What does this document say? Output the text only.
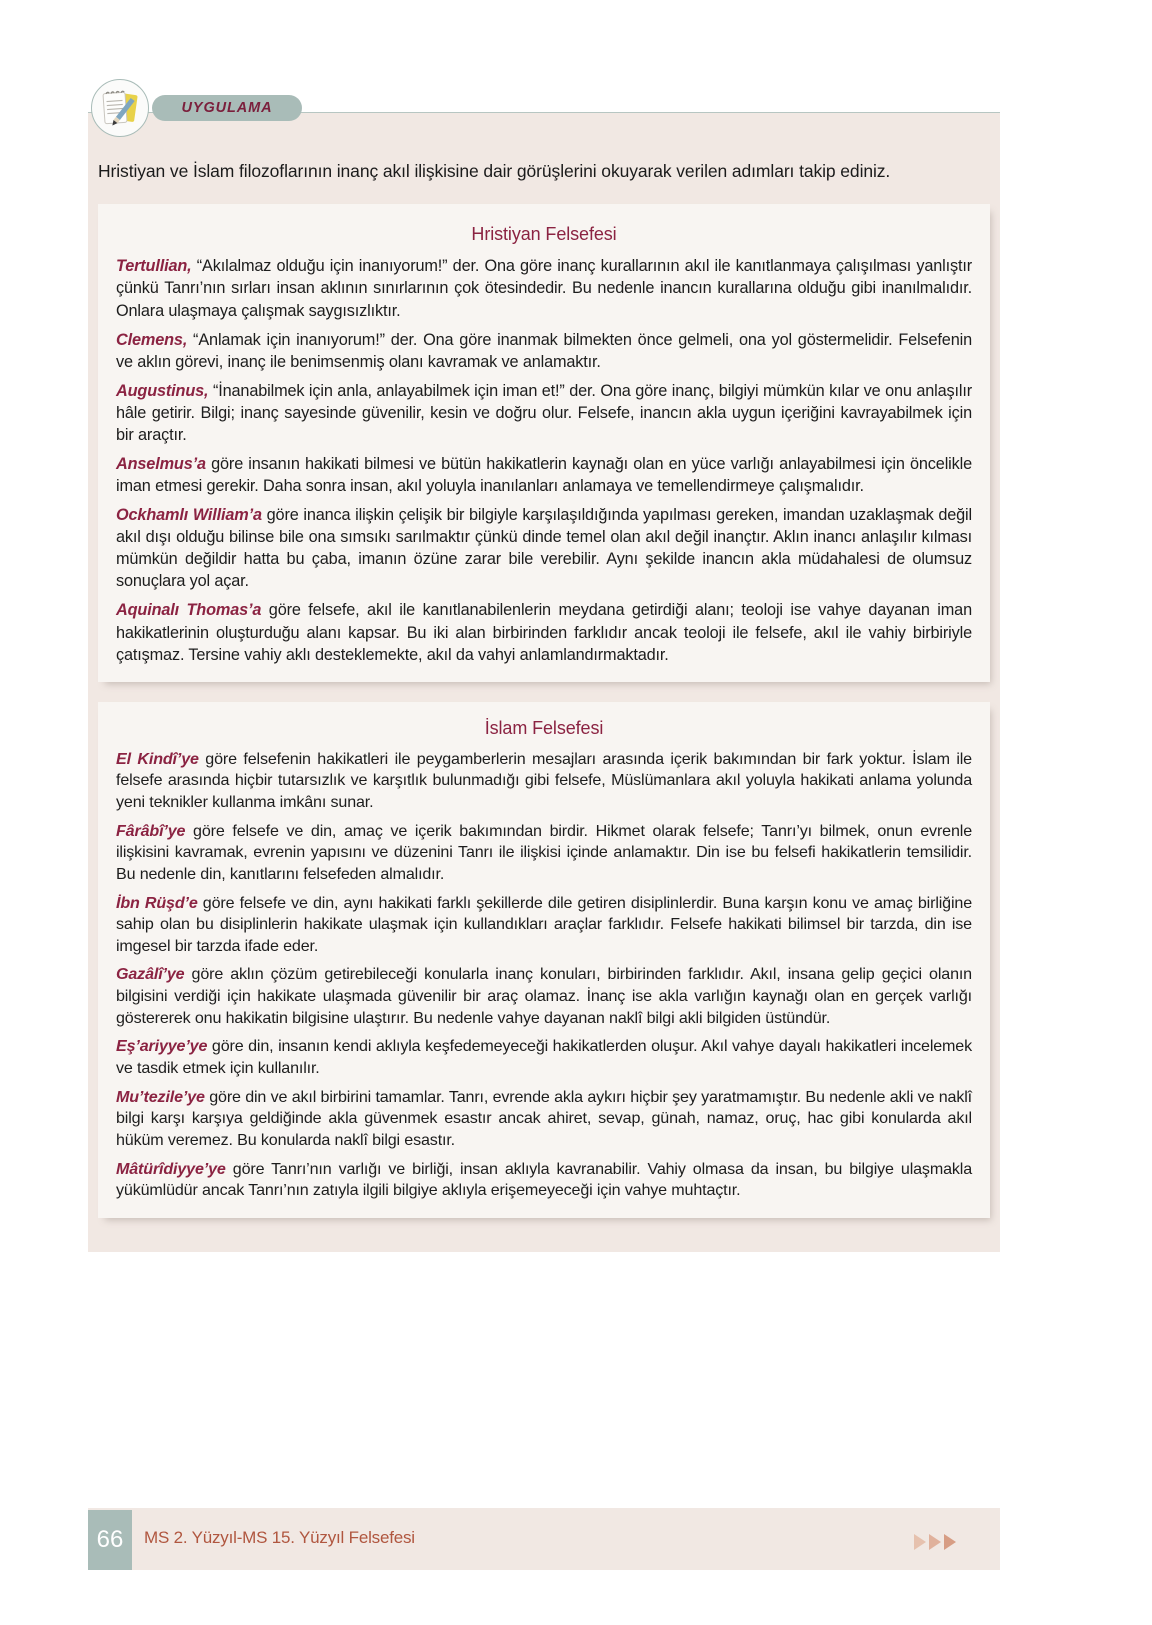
UYGULAMA

Hristiyan ve İslam filozoflarının inanç akıl ilişkisine dair görüşlerini okuyarak verilen adımları takip ediniz.

Hristiyan Felsefesi

Tertullian, “Akılalmaz olduğu için inanıyorum!” der. Ona göre inanç kurallarının akıl ile kanıtlanmaya çalışılması yanlıştır çünkü Tanrı’nın sırları insan aklının sınırlarının çok ötesindedir. Bu nedenle inancın kurallarına olduğu gibi inanılmalıdır. Onlara ulaşmaya çalışmak saygısızlıktır.

Clemens, “Anlamak için inanıyorum!” der. Ona göre inanmak bilmekten önce gelmeli, ona yol göstermelidir. Felsefenin ve aklın görevi, inanç ile benimsenmiş olanı kavramak ve anlamaktır.

Augustinus, “İnanabilmek için anla, anlayabilmek için iman et!” der. Ona göre inanç, bilgiyi mümkün kılar ve onu anlaşılır hâle getirir. Bilgi; inanç sayesinde güvenilir, kesin ve doğru olur. Felsefe, inancın akla uygun içeriğini kavrayabilmek için bir araçtır.

Anselmus’a göre insanın hakikati bilmesi ve bütün hakikatlerin kaynağı olan en yüce varlığı anlayabilmesi için öncelikle iman etmesi gerekir. Daha sonra insan, akıl yoluyla inanılanları anlamaya ve temellendirmeye çalışmalıdır.

Ockhamlı William’a göre inanca ilişkin çelişik bir bilgiyle karşılaşıldığında yapılması gereken, imandan uzaklaşmak değil akıl dışı olduğu bilinse bile ona sımsıkı sarılmaktır çünkü dinde temel olan akıl değil inançtır. Aklın inancı anlaşılır kılması mümkün değildir hatta bu çaba, imanın özüne zarar bile verebilir. Aynı şekilde inancın akla müdahalesi de olumsuz sonuçlara yol açar.

Aquinalı Thomas’a göre felsefe, akıl ile kanıtlanabilenlerin meydana getirdiği alanı; teoloji ise vahye dayanan iman hakikatlerinin oluşturduğu alanı kapsar. Bu iki alan birbirinden farklıdır ancak teoloji ile felsefe, akıl ile vahiy birbiriyle çatışmaz. Tersine vahiy aklı desteklemekte, akıl da vahyi anlamlandırmaktadır.

İslam Felsefesi

El Kindî’ye göre felsefenin hakikatleri ile peygamberlerin mesajları arasında içerik bakımından bir fark yoktur. İslam ile felsefe arasında hiçbir tutarsızlık ve karşıtlık bulunmadığı gibi felsefe, Müslümanlara akıl yoluyla hakikati anlama yolunda yeni teknikler kullanma imkânı sunar.

Fârâbî’ye göre felsefe ve din, amaç ve içerik bakımından birdir. Hikmet olarak felsefe; Tanrı’yı bilmek, onun evrenle ilişkisini kavramak, evrenin yapısını ve düzenini Tanrı ile ilişkisi içinde anlamaktır. Din ise bu felsefi hakikatlerin temsilidir. Bu nedenle din, kanıtlarını felsefeden almalıdır.

İbn Rüşd’e göre felsefe ve din, aynı hakikati farklı şekillerde dile getiren disiplinlerdir. Buna karşın konu ve amaç birliğine sahip olan bu disiplinlerin hakikate ulaşmak için kullandıkları araçlar farklıdır. Felsefe hakikati bilimsel bir tarzda, din ise imgesel bir tarzda ifade eder.

Gazâlî’ye göre aklın çözüm getirebileceği konularla inanç konuları, birbirinden farklıdır. Akıl, insana gelip geçici olanın bilgisini verdiği için hakikate ulaşmada güvenilir bir araç olamaz. İnanç ise akla varlığın kaynağı olan en gerçek varlığı göstererek onu hakikatin bilgisine ulaştırır. Bu nedenle vahye dayanan naklî bilgi akli bilgiden üstündür.

Eş’ariyye’ye göre din, insanın kendi aklıyla keşfedemeyeceği hakikatlerden oluşur. Akıl vahye dayalı hakikatleri incelemek ve tasdik etmek için kullanılır.

Mu’tezile’ye göre din ve akıl birbirini tamamlar. Tanrı, evrende akla aykırı hiçbir şey yaratmamıştır. Bu nedenle akli ve naklî bilgi karşı karşıya geldiğinde akla güvenmek esastır ancak ahiret, sevap, günah, namaz, oruç, hac gibi konularda akıl hüküm veremez. Bu konularda naklî bilgi esastır.

Mâtürîdiyye’ye göre Tanrı’nın varlığı ve birliği, insan aklıyla kavranabilir. Vahiy olmasa da insan, bu bilgiye ulaşmakla yükümlüdür ancak Tanrı’nın zatıyla ilgili bilgiye aklıyla erişemeyeceği için vahye muhtaçtır.

66	MS 2. Yüzyıl-MS 15. Yüzyıl Felsefesi
